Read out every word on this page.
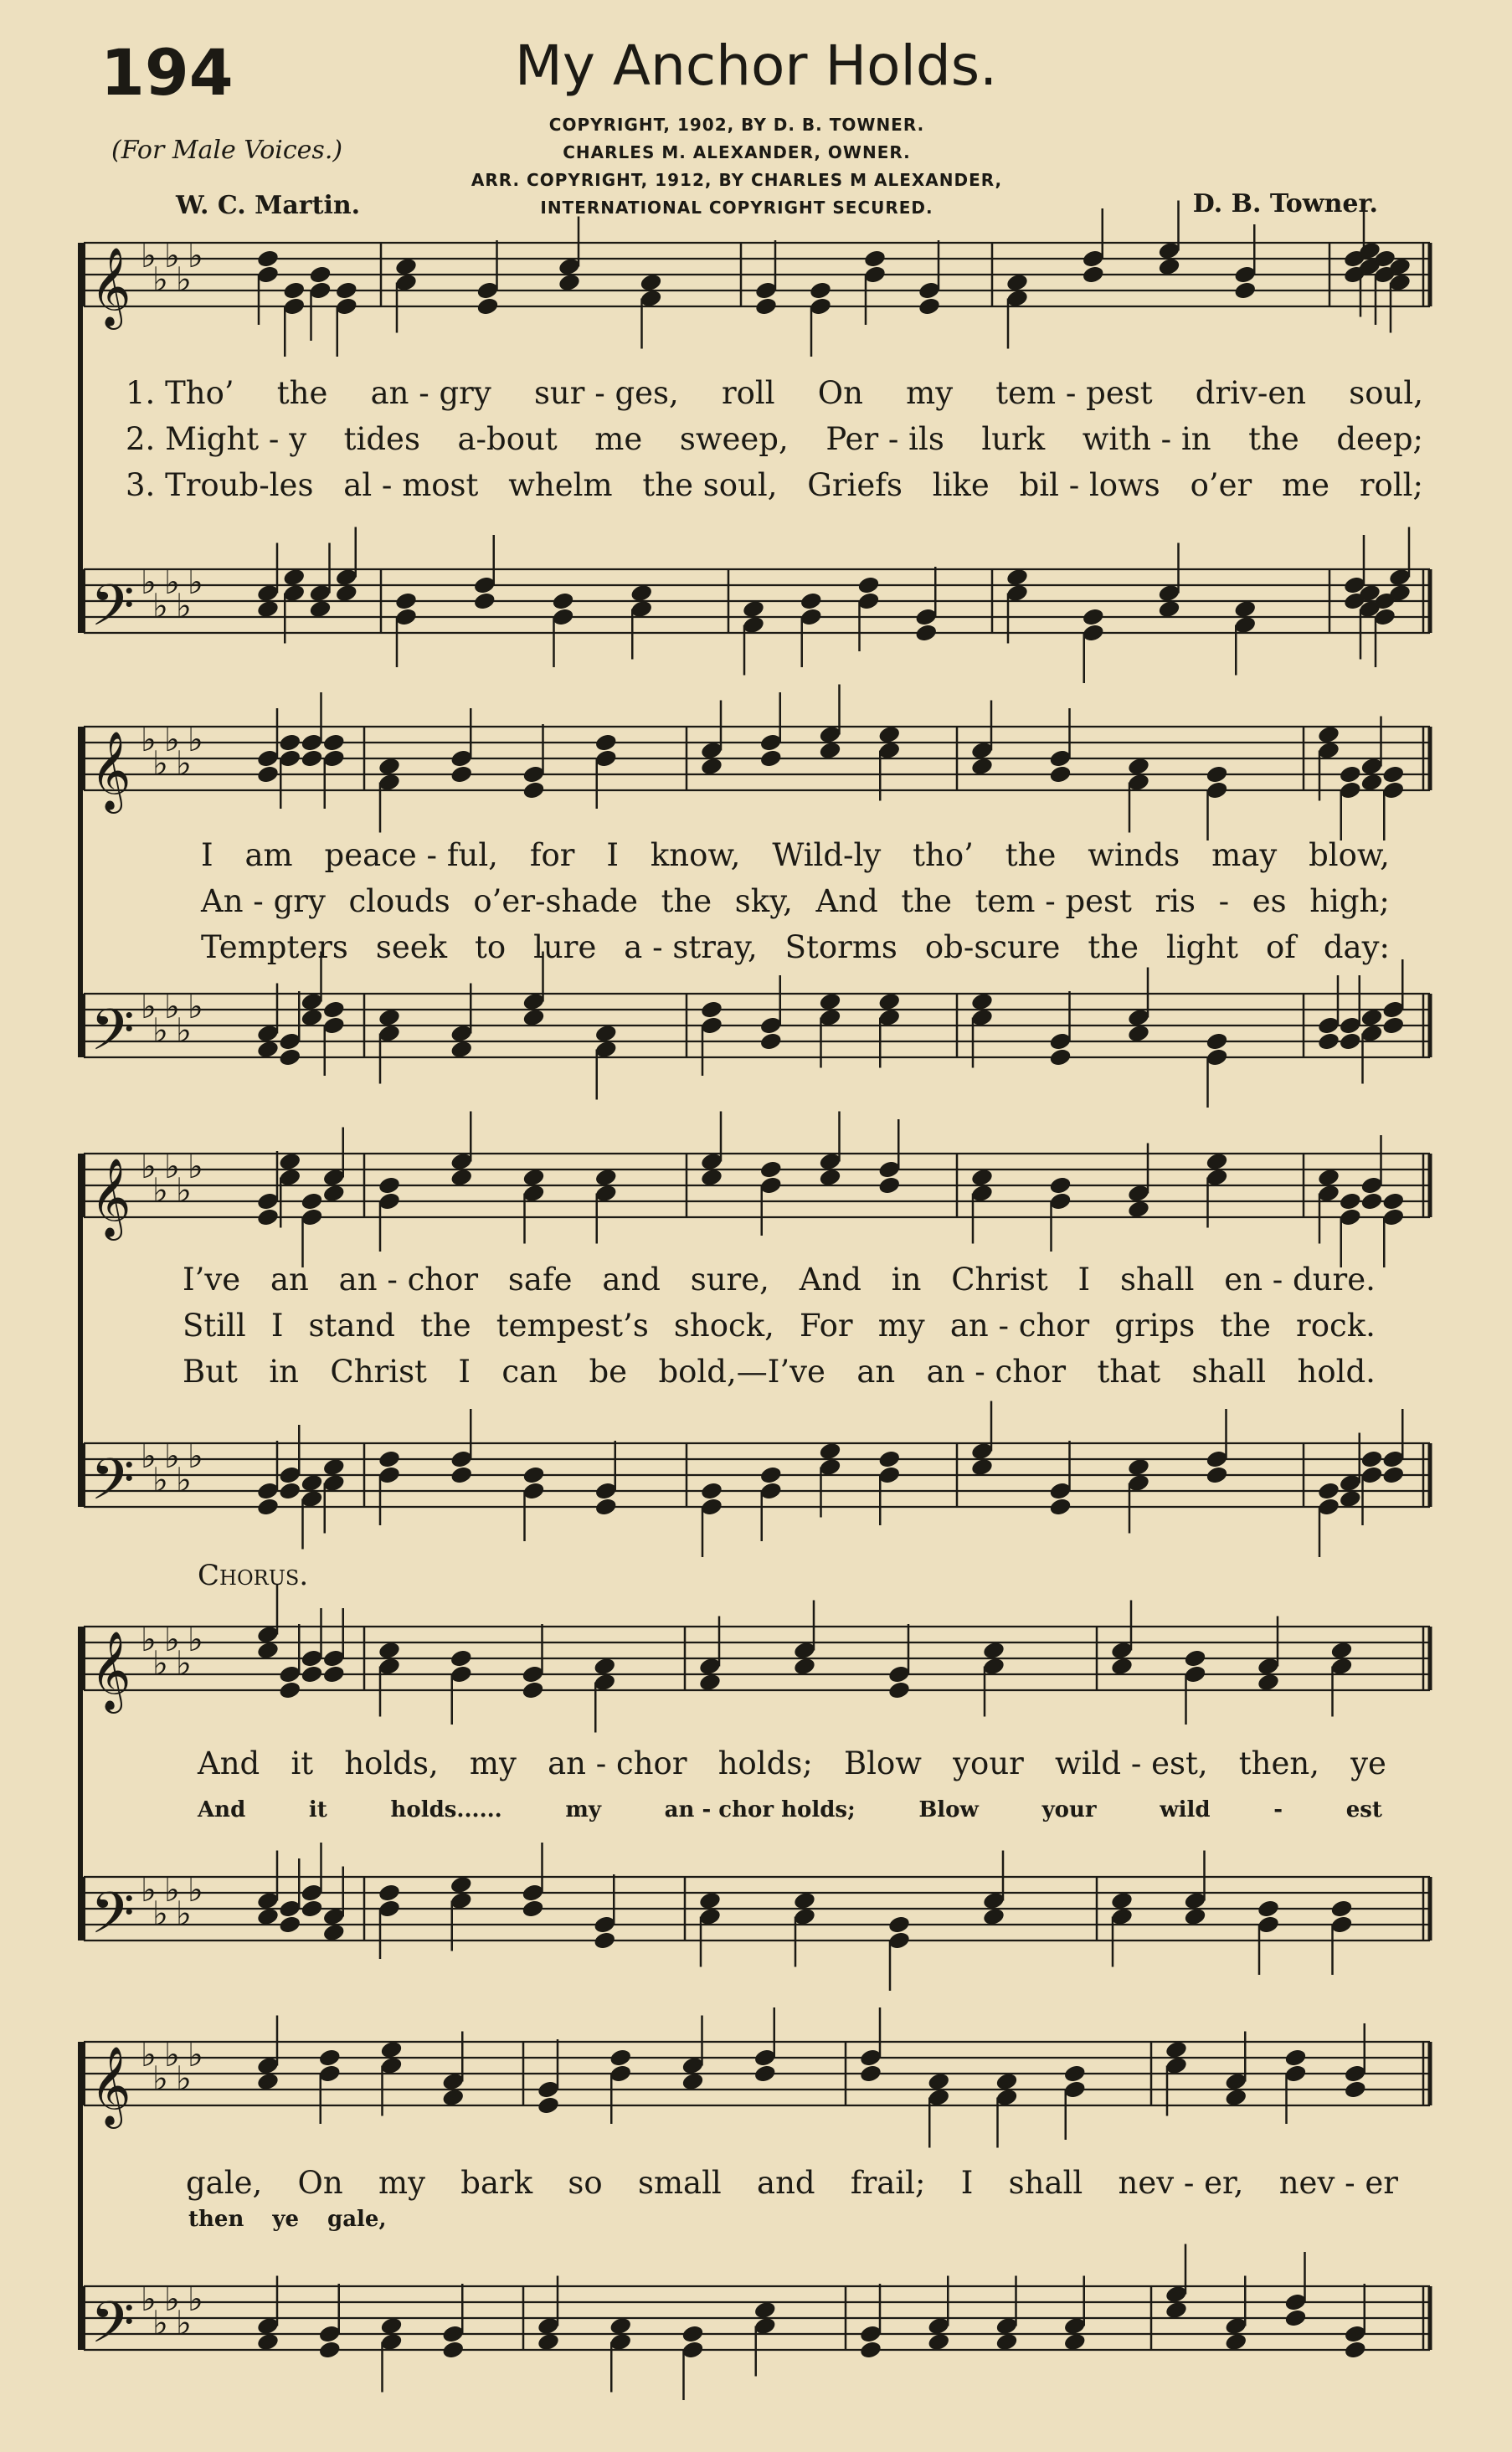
𝄞 ♭
♭
♭
♭
♭
𝄢 ♭
♭
♭
♭
♭
𝄞 ♭
♭
♭
♭
♭
𝄢 ♭
♭
♭
♭
♭
𝄞 ♭
♭
♭
♭
♭
𝄢 ♭
♭
♭
♭
♭
𝄞 ♭
♭
♭
♭
♭
𝄢 ♭
♭
♭
♭
♭
𝄞 ♭
♭
♭
♭
♭
𝄢 ♭
♭
♭
♭
♭
194	My Anchor Holds.
(For Male Voices.)
COPYRIGHT, 1902, BY D. B. TOWNER.
CHARLES M. ALEXANDER, OWNER.
ARR. COPYRIGHT, 1912, BY CHARLES M ALEXANDER,
INTERNATIONAL COPYRIGHT SECURED.
W. C. Martin.	D. B. Towner.
1. Tho’ the an - gry sur - ges, roll On my tem - pest driv-en soul,
2. Might - y tides a-bout me sweep, Per - ils lurk with - in the deep;
3. Troub-les al - most whelm the soul, Griefs like bil - lows o’er me roll;
I am peace - ful, for I know, Wild-ly tho’ the winds may blow,
An - gry clouds o’er-shade the sky, And the tem - pest ris - es high;
Tempters seek to lure a - stray, Storms ob-scure the light of day:
I’ve an an - chor safe and sure, And in Christ I shall en - dure.
Still I stand the tempest’s shock, For my an - chor grips the rock.
But in Christ I can be bold,—I’ve an an - chor that shall hold.
Chorus.
And it holds, my an - chor holds; Blow your wild - est, then, ye
And	it	holds......	my	an - chor holds;	Blow	your	wild	-	est
gale, On my bark so small and frail; I shall nev - er, nev - er
then ye gale,
